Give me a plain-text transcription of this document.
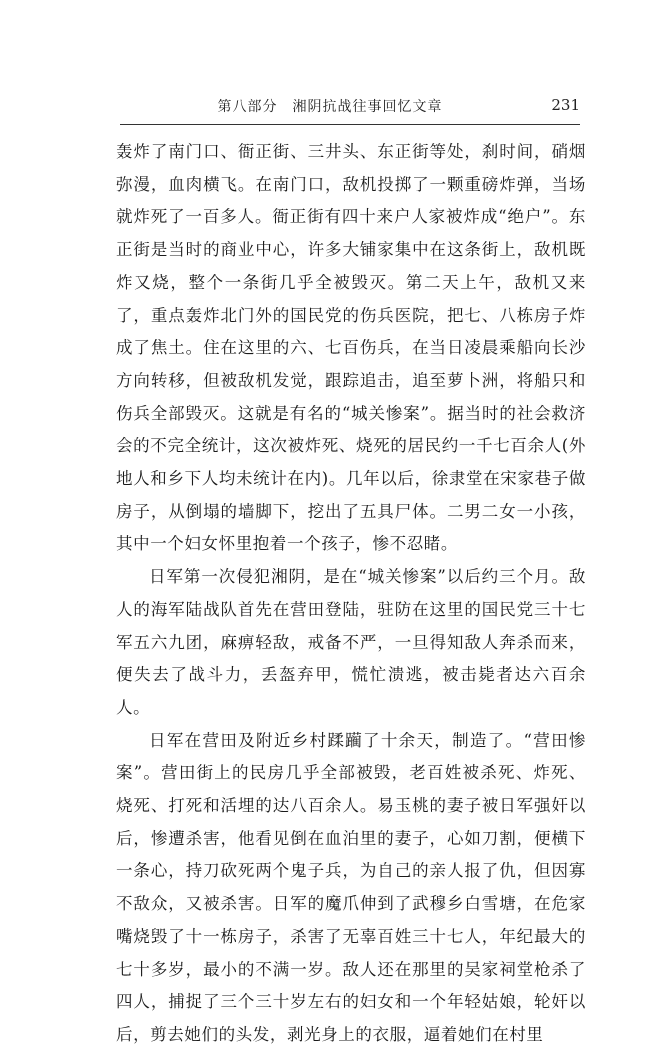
第八部分　湘阴抗战往事回忆文章	231

轰炸了南门口、衙正街、三井头、东正街等处，刹时间，硝烟弥漫，血肉横飞。在南门口，敌机投掷了一颗重磅炸弹，当场就炸死了一百多人。衙正街有四十来户人家被炸成“绝户”。东正街是当时的商业中心，许多大铺家集中在这条街上，敌机既炸又烧，整个一条街几乎全被毁灭。第二天上午，敌机又来了，重点轰炸北门外的国民党的伤兵医院，把七、八栋房子炸成了焦土。住在这里的六、七百伤兵，在当日凌晨乘船向长沙方向转移，但被敌机发觉，跟踪追击，追至萝卜洲，将船只和伤兵全部毁灭。这就是有名的“城关惨案”。据当时的社会救济会的不完全统计，这次被炸死、烧死的居民约一千七百余人(外地人和乡下人均未统计在内)。几年以后，徐隶堂在宋家巷子做房子，从倒塌的墙脚下，挖出了五具尸体。二男二女一小孩，其中一个妇女怀里抱着一个孩子，惨不忍睹。

日军第一次侵犯湘阴，是在“城关惨案”以后约三个月。敌人的海军陆战队首先在营田登陆，驻防在这里的国民党三十七军五六九团，麻痹轻敌，戒备不严，一旦得知敌人奔杀而来，便失去了战斗力，丢盔弃甲，慌忙溃逃，被击毙者达六百余人。

日军在营田及附近乡村蹂躏了十余天，制造了。“营田惨案”。营田街上的民房几乎全部被毁，老百姓被杀死、炸死、烧死、打死和活埋的达八百余人。易玉桃的妻子被日军强奸以后，惨遭杀害，他看见倒在血泊里的妻子，心如刀割，便横下一条心，持刀砍死两个鬼子兵，为自己的亲人报了仇，但因寡不敌众，又被杀害。日军的魔爪伸到了武穆乡白雪塘，在危家嘴烧毁了十一栋房子，杀害了无辜百姓三十七人，年纪最大的七十多岁，最小的不满一岁。敌人还在那里的吴家祠堂枪杀了四人，捕捉了三个三十岁左右的妇女和一个年轻姑娘，轮奸以后，剪去她们的头发，剥光身上的衣服，逼着她们在村里
